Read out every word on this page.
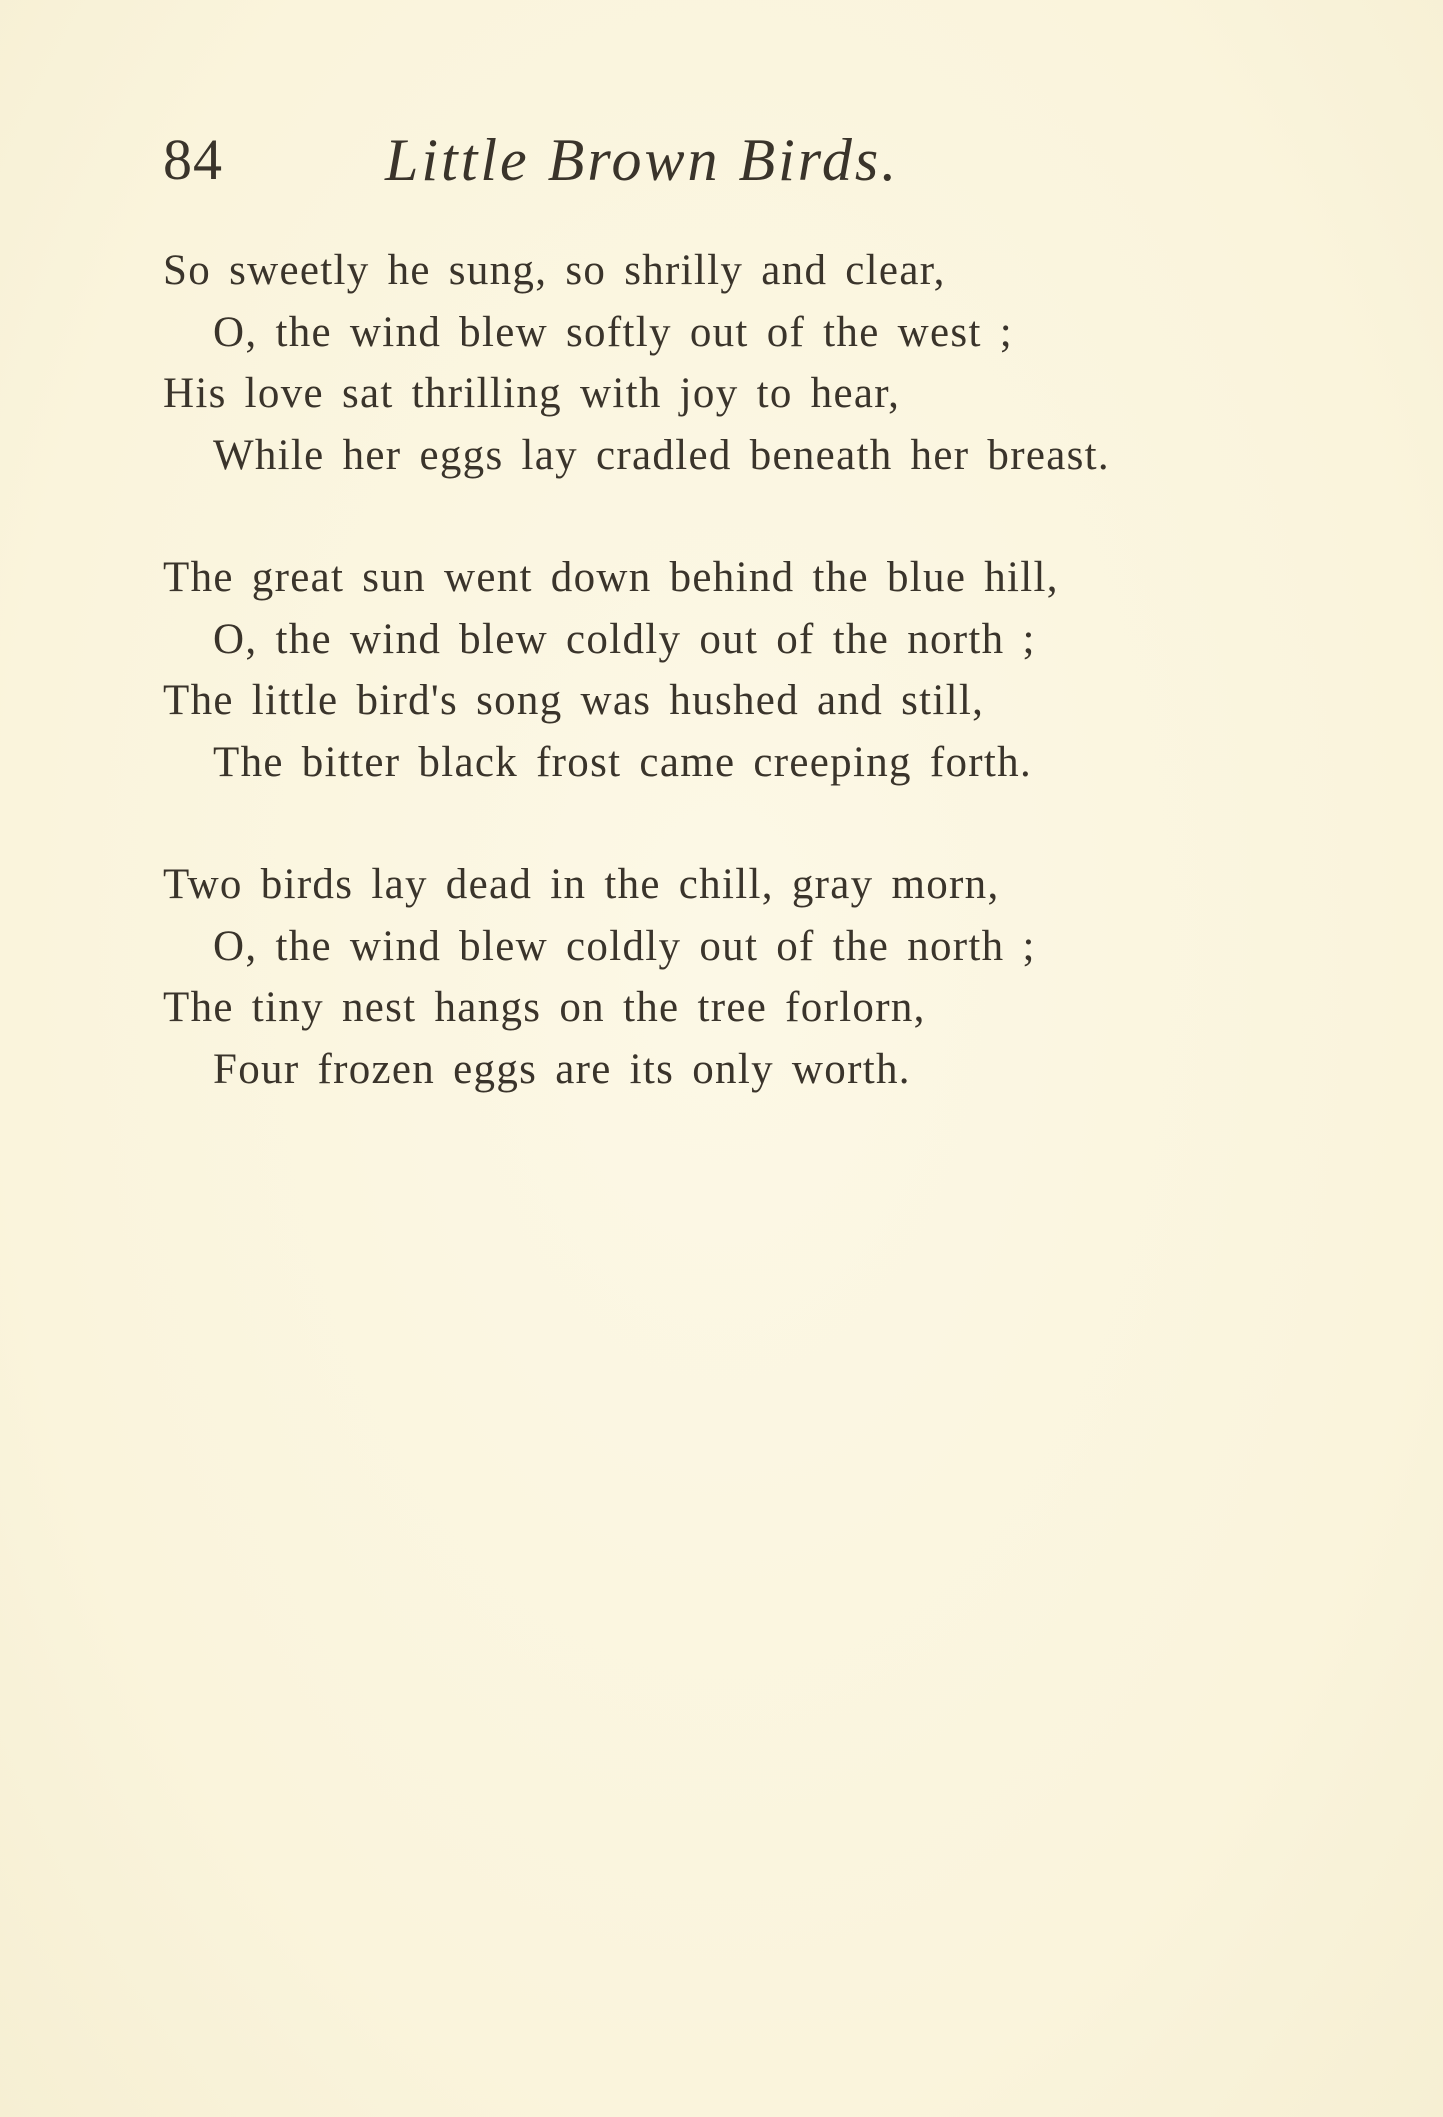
84	Little Brown Birds.
So sweetly he sung, so shrilly and clear,
O, the wind blew softly out of the west ;
His love sat thrilling with joy to hear,
While her eggs lay cradled beneath her breast.
The great sun went down behind the blue hill,
O, the wind blew coldly out of the north ;
The little bird's song was hushed and still,
The bitter black frost came creeping forth.
Two birds lay dead in the chill, gray morn,
O, the wind blew coldly out of the north ;
The tiny nest hangs on the tree forlorn,
Four frozen eggs are its only worth.
